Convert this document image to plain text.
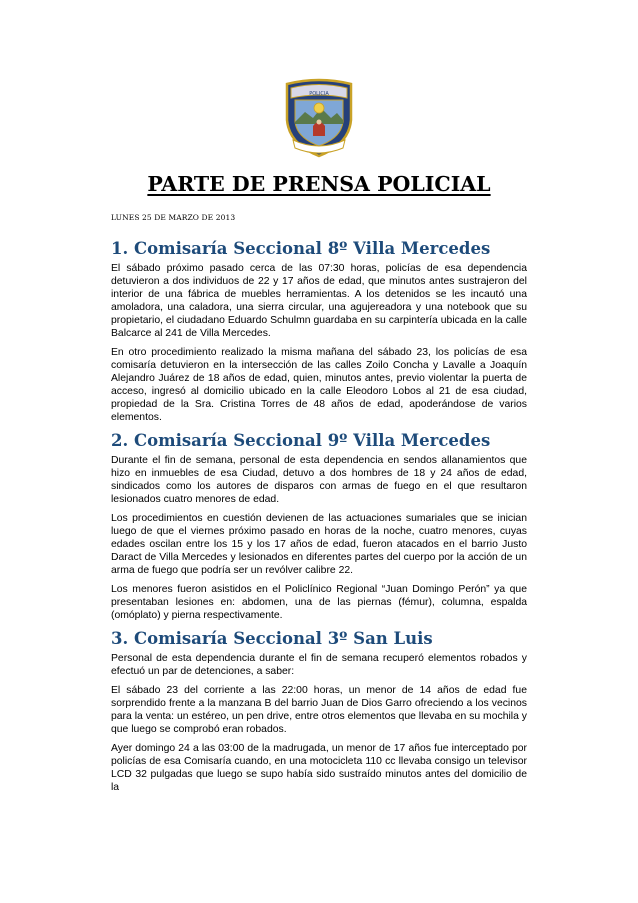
POLICIA
PARTE DE PRENSA POLICIAL
LUNES 25 DE MARZO DE 2013
1. Comisaría Seccional 8º Villa Mercedes

El sábado próximo pasado cerca de las 07:30 horas, policías de esa dependencia detuvieron a dos individuos de 22 y 17 años de edad, que minutos antes sustrajeron del interior de una fábrica de muebles herramientas. A los detenidos se les incautó una amoladora, una caladora, una sierra circular, una agujereadora y una notebook que su propietario, el ciudadano Eduardo Schulmn guardaba en su carpintería ubicada en la calle Balcarce al 241 de Villa Mercedes.

En otro procedimiento realizado la misma mañana del sábado 23, los policías de esa comisaría detuvieron en la intersección de las calles Zoilo Concha y Lavalle a Joaquín Alejandro Juárez de 18 años de edad, quien, minutos antes, previo violentar la puerta de acceso, ingresó al domicilio ubicado en la calle Eleodoro Lobos al 21 de esa ciudad, propiedad de la Sra. Cristina Torres de 48 años de edad, apoderándose de varios elementos.

2. Comisaría Seccional 9º Villa Mercedes

Durante el fin de semana, personal de esta dependencia en sendos allanamientos que hizo en inmuebles de esa Ciudad, detuvo a dos hombres de 18 y 24 años de edad, sindicados como los autores de disparos con armas de fuego en el que resultaron lesionados cuatro menores de edad.

Los procedimientos en cuestión devienen de las actuaciones sumariales que se inician luego de que el viernes próximo pasado en horas de la noche, cuatro menores, cuyas edades oscilan entre los 15 y los 17 años de edad, fueron atacados en el barrio Justo Daract de Villa Mercedes y lesionados en diferentes partes del cuerpo por la acción de un arma de fuego que podría ser un revólver calibre 22.

Los menores fueron asistidos en el Policlínico Regional “Juan Domingo Perón” ya que presentaban lesiones en: abdomen, una de las piernas (fémur), columna, espalda (omóplato) y pierna respectivamente.

3. Comisaría Seccional 3º San Luis

Personal de esta dependencia durante el fin de semana recuperó elementos robados y efectuó un par de detenciones, a saber:

El sábado 23 del corriente a las 22:00 horas, un menor de 14 años de edad fue sorprendido frente a la manzana B del barrio Juan de Dios Garro ofreciendo a los vecinos para la venta: un estéreo, un pen drive, entre otros elementos que llevaba en su mochila y que luego se comprobó eran robados.

Ayer domingo 24 a las 03:00 de la madrugada, un menor de 17 años fue interceptado por policías de esa Comisaría cuando, en una motocicleta 110 cc llevaba consigo un televisor LCD 32 pulgadas que luego se supo había sido sustraído minutos antes del domicilio de la
